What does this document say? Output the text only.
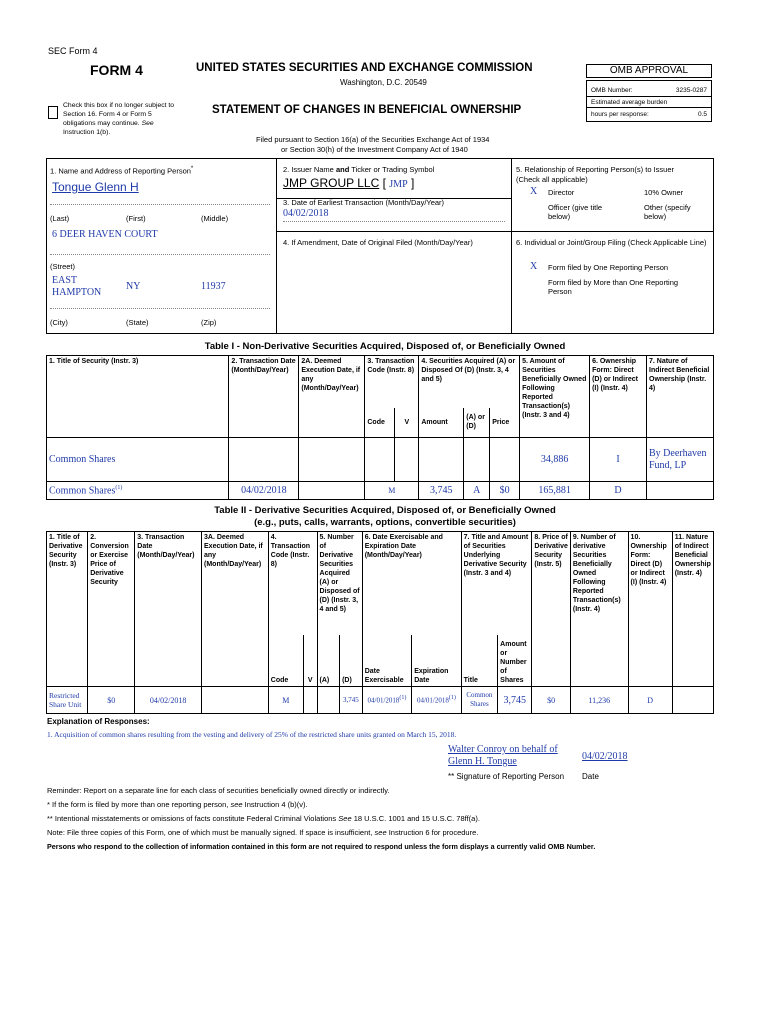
SEC Form 4
FORM 4	UNITED STATES SECURITIES AND EXCHANGE COMMISSION
Washington, D.C. 20549
Check this box if no longer subject to Section 16. Form 4 or Form 5 obligations may continue. See Instruction 1(b).
STATEMENT OF CHANGES IN BENEFICIAL OWNERSHIP
Filed pursuant to Section 16(a) of the Securities Exchange Act of 1934
or Section 30(h) of the Investment Company Act of 1940
OMB APPROVAL
OMB Number:	3235-0287
Estimated average burden
hours per response:	0.5
1. Name and Address of Reporting Person*
Tongue Glenn H
(Last)	(First)	(Middle)
6 DEER HAVEN COURT
(Street)
EAST HAMPTON
NY	11937
(City)	(State)	(Zip)
2. Issuer Name and Ticker or Trading Symbol
JMP GROUP LLC [ JMP ]
3. Date of Earliest Transaction (Month/Day/Year)
04/02/2018
4. If Amendment, Date of Original Filed (Month/Day/Year)
5. Relationship of Reporting Person(s) to Issuer
(Check all applicable)
X Director	10% Owner
Officer (give title below)
Other (specify below)
6. Individual or Joint/Group Filing (Check Applicable Line)
X Form filed by One Reporting Person
Form filed by More than One Reporting Person
Table I - Non-Derivative Securities Acquired, Disposed of, or Beneficially Owned
1. Title of Security (Instr. 3)	2. Transaction Date (Month/Day/Year)	2A. Deemed Execution Date, if any (Month/Day/Year)	3. Transaction Code (Instr. 8)		4. Securities Acquired (A) or Disposed Of (D) (Instr. 3, 4 and 5)			5. Amount of Securities Beneficially Owned Following Reported Transaction(s) (Instr. 3 and 4)	6. Ownership Form: Direct (D) or Indirect (I) (Instr. 4)	7. Nature of Indirect Beneficial Ownership (Instr. 4)
			Code	V	Amount	(A) or (D)	Price			
Common Shares								34,886	I	By Deerhaven Fund, LP
Common Shares$^{(1)}$	04/02/2018		M		3,745	A	$0	165,881	D	
Table II - Derivative Securities Acquired, Disposed of, or Beneficially Owned
(e.g., puts, calls, warrants, options, convertible securities)
1. Title of Derivative Security (Instr. 3)	2. Conversion or Exercise Price of Derivative Security	3. Transaction Date (Month/Day/Year)	3A. Deemed Execution Date, if any (Month/Day/Year)	4. Transaction Code (Instr. 8)		5. Number of Derivative Securities Acquired (A) or Disposed of (D) (Instr. 3, 4 and 5)		6. Date Exercisable and Expiration Date (Month/Day/Year)		7. Title and Amount of Securities Underlying Derivative Security (Instr. 3 and 4)		8. Price of Derivative Security (Instr. 5)	9. Number of derivative Securities Beneficially Owned Following Reported Transaction(s) (Instr. 4)	10. Ownership Form: Direct (D) or Indirect (I) (Instr. 4)	11. Nature of Indirect Beneficial Ownership (Instr. 4)
				Code	V	(A)	(D)	Date Exercisable	Expiration Date	Title	Amount or Number of Shares				
Restricted Share Unit	$0	04/02/2018		M			3,745	04/01/2018$^{(1)}$	04/01/2018$^{(1)}$	Common Shares	3,745	$0	11,236	D	
Explanation of Responses:
1. Acquisition of common shares resulting from the vesting and delivery of 25% of the restricted share units granted on March 15, 2018.
Walter Conroy on behalf of Glenn H. Tongue	04/02/2018
** Signature of Reporting Person Date
Reminder: Report on a separate line for each class of securities beneficially owned directly or indirectly.
* If the form is filed by more than one reporting person, see Instruction 4 (b)(v).
** Intentional misstatements or omissions of facts constitute Federal Criminal Violations See 18 U.S.C. 1001 and 15 U.S.C. 78ff(a).
Note: File three copies of this Form, one of which must be manually signed. If space is insufficient, see Instruction 6 for procedure.
Persons who respond to the collection of information contained in this form are not required to respond unless the form displays a currently valid OMB Number.
